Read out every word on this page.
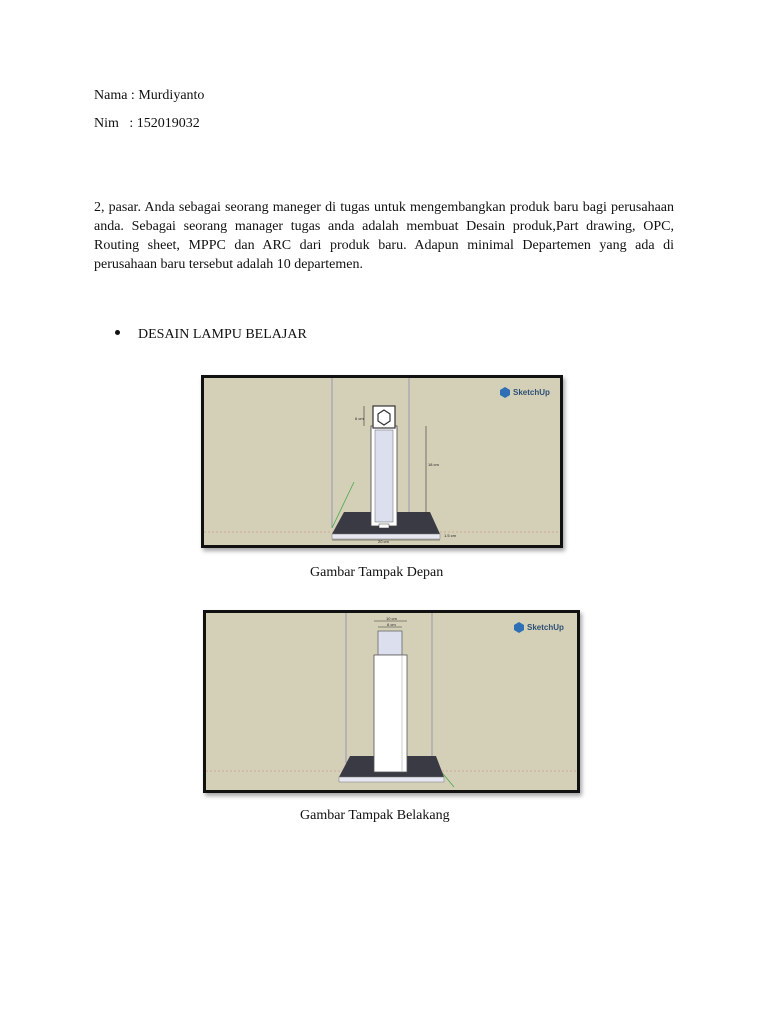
Nama : Murdiyanto
Nim   : 152019032
2, pasar. Anda sebagai seorang maneger di tugas untuk mengembangkan produk baru bagi perusahaan anda. Sebagai seorang manager tugas anda adalah membuat Desain produk,Part drawing, OPC, Routing sheet, MPPC dan ARC dari produk baru. Adapun minimal Departemen yang ada di perusahaan baru tersebut adalah 10 departemen.
DESAIN LAMPU BELAJAR
6 cm
18 cm
20 cm
1.5 cm
SketchUp
Gambar Tampak Depan
10 cm
6 cm	SketchUp
Gambar Tampak Belakang
